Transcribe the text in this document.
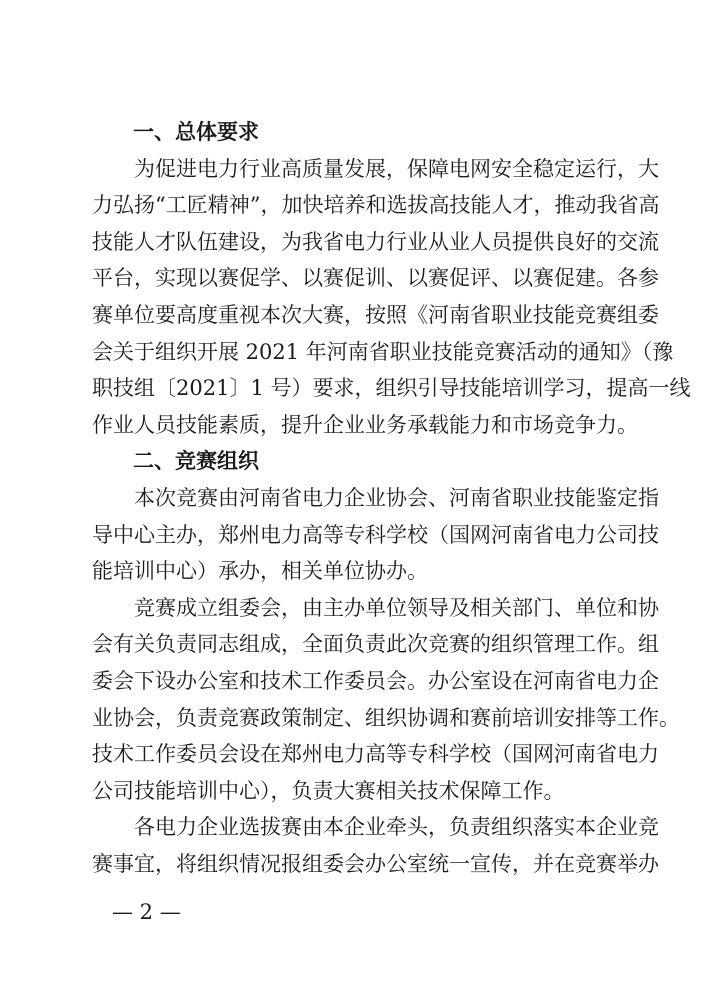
一、总体要求
为促进电力行业高质量发展，保障电网安全稳定运行，大
力弘扬“工匠精神”，加快培养和选拔高技能人才，推动我省高
技能人才队伍建设，为我省电力行业从业人员提供良好的交流
平台，实现以赛促学、以赛促训、以赛促评、以赛促建。各参
赛单位要高度重视本次大赛，按照《河南省职业技能竞赛组委
会关于组织开展 2021 年河南省职业技能竞赛活动的通知》（豫
职技组〔2021〕1 号）要求，组织引导技能培训学习，提高一线
作业人员技能素质，提升企业业务承载能力和市场竞争力。
二、竞赛组织
本次竞赛由河南省电力企业协会、河南省职业技能鉴定指
导中心主办，郑州电力高等专科学校（国网河南省电力公司技
能培训中心）承办，相关单位协办。
竞赛成立组委会，由主办单位领导及相关部门、单位和协
会有关负责同志组成，全面负责此次竞赛的组织管理工作。组
委会下设办公室和技术工作委员会。办公室设在河南省电力企
业协会，负责竞赛政策制定、组织协调和赛前培训安排等工作。
技术工作委员会设在郑州电力高等专科学校（国网河南省电力
公司技能培训中心），负责大赛相关技术保障工作。
各电力企业选拔赛由本企业牵头，负责组织落实本企业竞
赛事宜，将组织情况报组委会办公室统一宣传，并在竞赛举办
— 2 —
